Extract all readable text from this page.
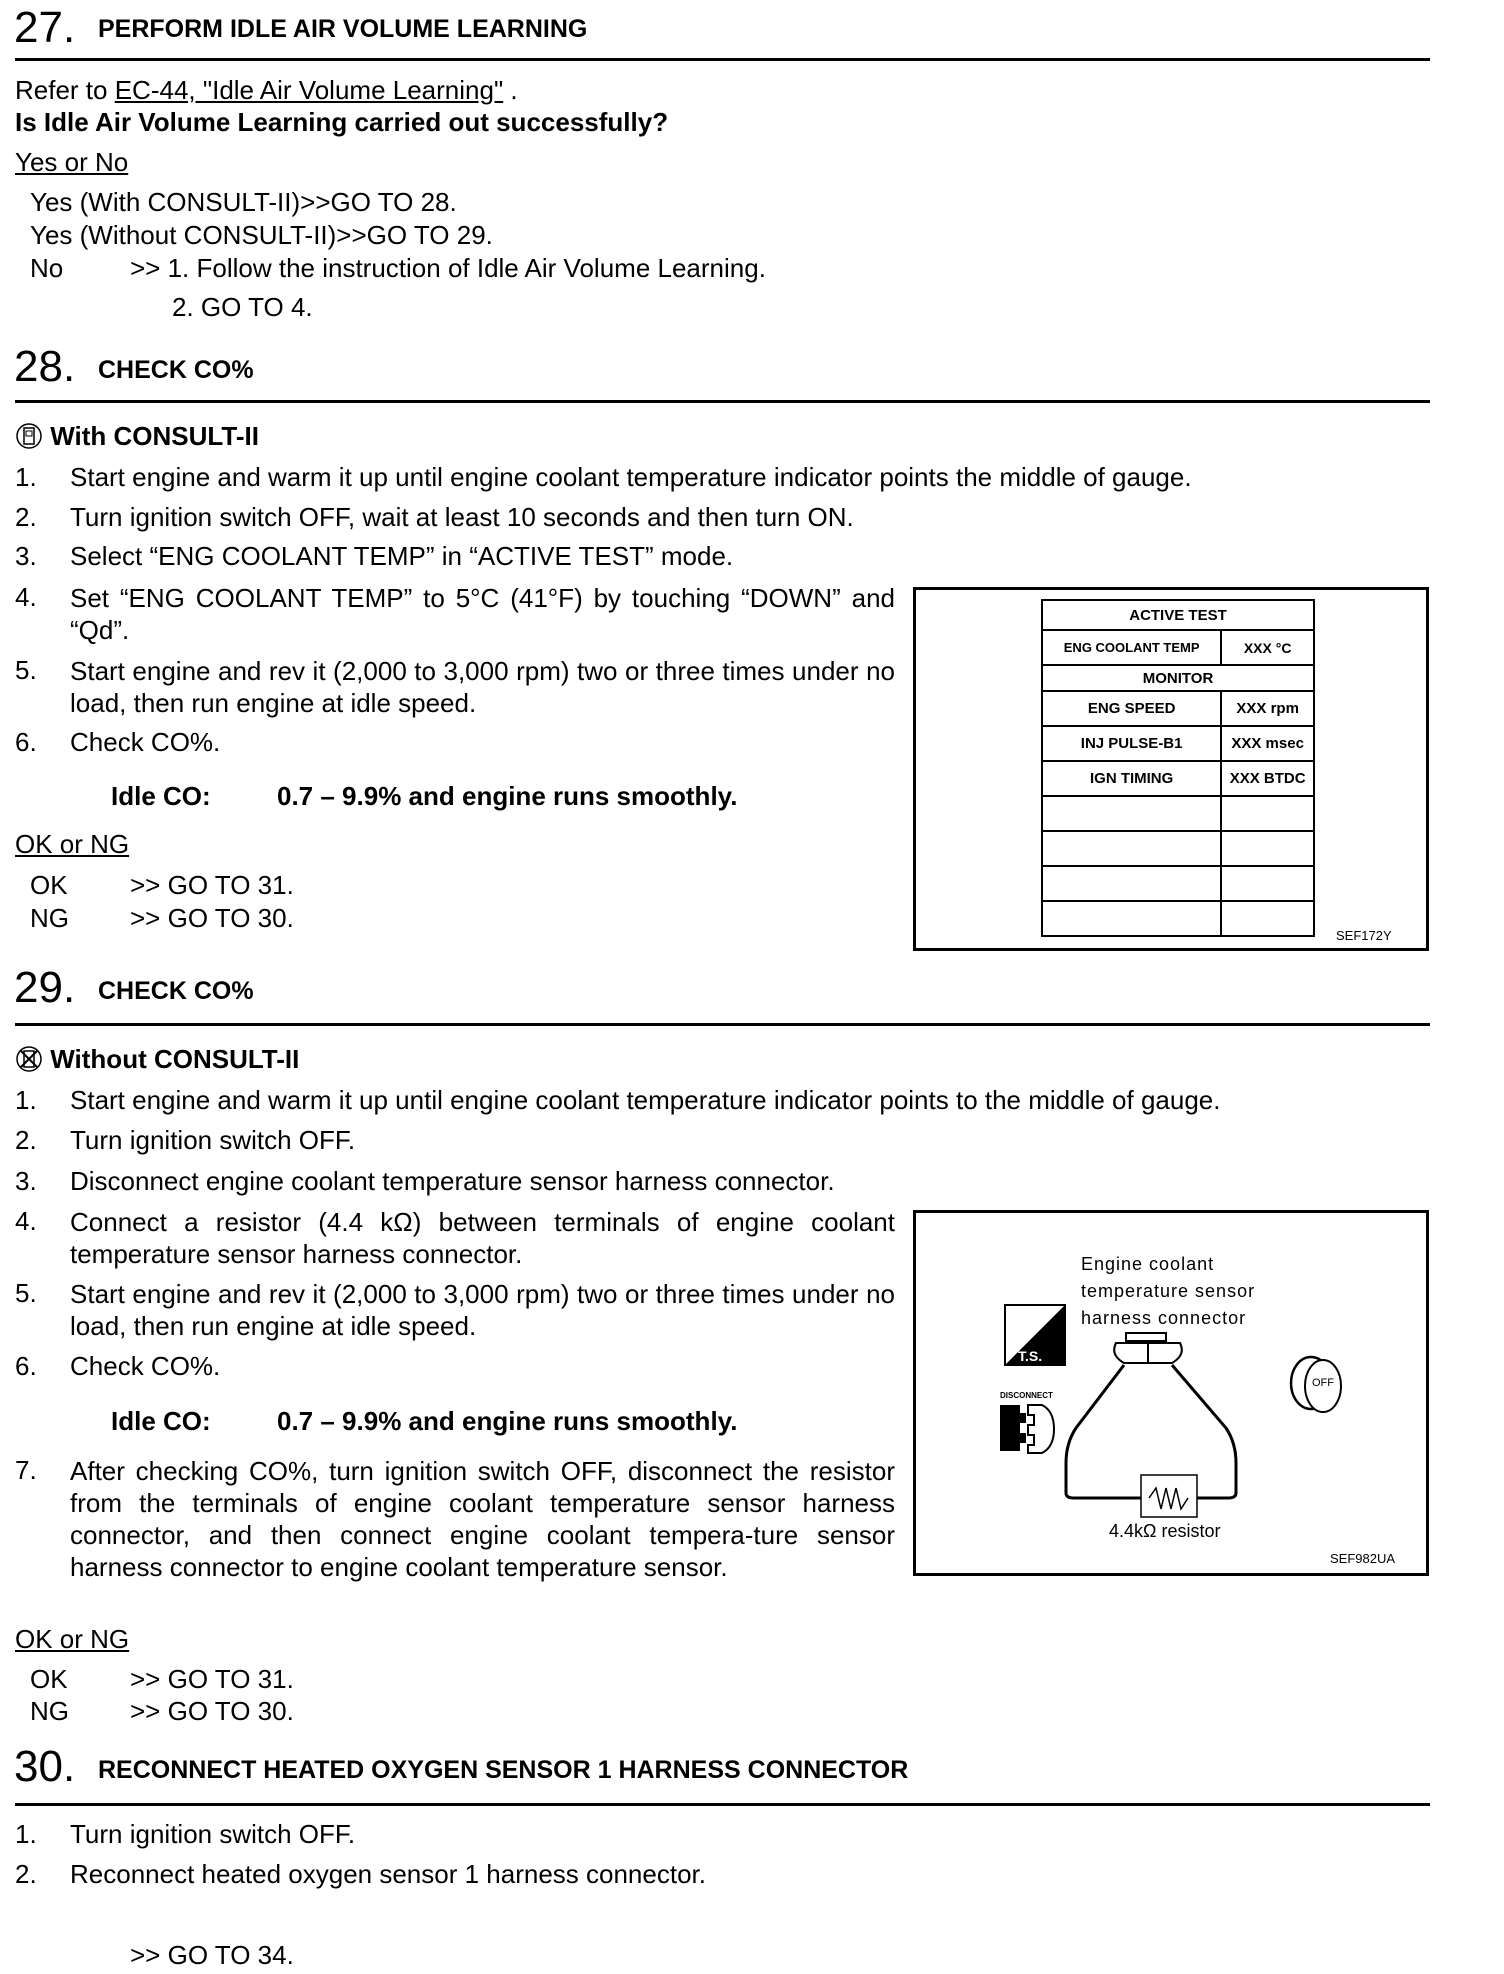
27. PERFORM IDLE AIR VOLUME LEARNING
Refer to EC-44, "Idle Air Volume Learning" .
Is Idle Air Volume Learning carried out successfully?
Yes or No
Yes (With CONSULT-II)>>GO TO 28.
Yes (Without CONSULT-II)>>GO TO 29.
No	>> 1. Follow the instruction of Idle Air Volume Learning.
2. GO TO 4.
28. CHECK CO%
With CONSULT-II
1. Start engine and warm it up until engine coolant temperature indicator points the middle of gauge.
2. Turn ignition switch OFF, wait at least 10 seconds and then turn ON.
3. Select “ENG COOLANT TEMP” in “ACTIVE TEST” mode.
4. Set “ENG COOLANT TEMP” to 5°C (41°F) by touching “DOWN” and “Qd”.
5. Start engine and rev it (2,000 to 3,000 rpm) two or three times under no load, then run engine at idle speed.
6. Check CO%.
Idle CO:	0.7 – 9.9% and engine runs smoothly.
OK or NG
OK >> GO TO 31.
NG >> GO TO 30.
ACTIVE TEST	
ENG COOLANT TEMP	XXX °C
MONITOR	
ENG SPEED	XXX rpm
INJ PULSE-B1	XXX msec
IGN TIMING	XXX BTDC

SEF172Y
29. CHECK CO%
Without CONSULT-II
1. Start engine and warm it up until engine coolant temperature indicator points to the middle of gauge.
2. Turn ignition switch OFF.
3. Disconnect engine coolant temperature sensor harness connector.
4. Connect a resistor (4.4 kΩ) between terminals of engine coolant temperature sensor harness connector.
5. Start engine and rev it (2,000 to 3,000 rpm) two or three times under no load, then run engine at idle speed.
6. Check CO%.
Idle CO:	0.7 – 9.9% and engine runs smoothly.
7. After checking CO%, turn ignition switch OFF, disconnect the resistor from the terminals of engine coolant temperature sensor harness connector, and then connect engine coolant tempera-ture sensor harness connector to engine coolant temperature sensor.
OK or NG
OK >> GO TO 31.
NG >> GO TO 30.
Engine coolant
temperature sensor
harness connector
T.S.
DISCONNECT
OFF
4.4kΩ resistor
SEF982UA
30. RECONNECT HEATED OXYGEN SENSOR 1 HARNESS CONNECTOR
1. Turn ignition switch OFF.
2. Reconnect heated oxygen sensor 1 harness connector.
>> GO TO 34.
